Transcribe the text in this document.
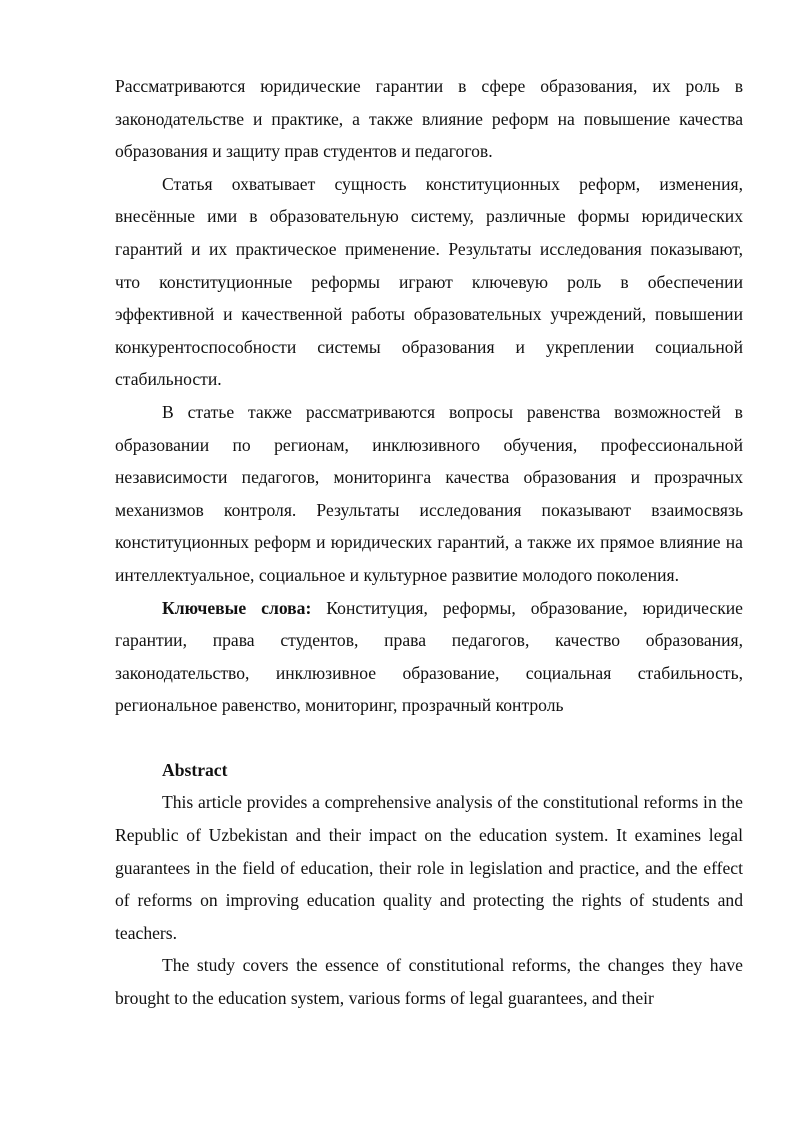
Рассматриваются юридические гарантии в сфере образования, их роль в законодательстве и практике, а также влияние реформ на повышение качества образования и защиту прав студентов и педагогов.

Статья охватывает сущность конституционных реформ, изменения, внесённые ими в образовательную систему, различные формы юридических гарантий и их практическое применение. Результаты исследования показывают, что конституционные реформы играют ключевую роль в обеспечении эффективной и качественной работы образовательных учреждений, повышении конкурентоспособности системы образования и укреплении социальной стабильности.

В статье также рассматриваются вопросы равенства возможностей в образовании по регионам, инклюзивного обучения, профессиональной независимости педагогов, мониторинга качества образования и прозрачных механизмов контроля. Результаты исследования показывают взаимосвязь конституционных реформ и юридических гарантий, а также их прямое влияние на интеллектуальное, социальное и культурное развитие молодого поколения.

Ключевые слова: Конституция, реформы, образование, юридические гарантии, права студентов, права педагогов, качество образования, законодательство, инклюзивное образование, социальная стабильность, региональное равенство, мониторинг, прозрачный контроль

Abstract

This article provides a comprehensive analysis of the constitutional reforms in the Republic of Uzbekistan and their impact on the education system. It examines legal guarantees in the field of education, their role in legislation and practice, and the effect of reforms on improving education quality and protecting the rights of students and teachers.

The study covers the essence of constitutional reforms, the changes they have brought to the education system, various forms of legal guarantees, and their
